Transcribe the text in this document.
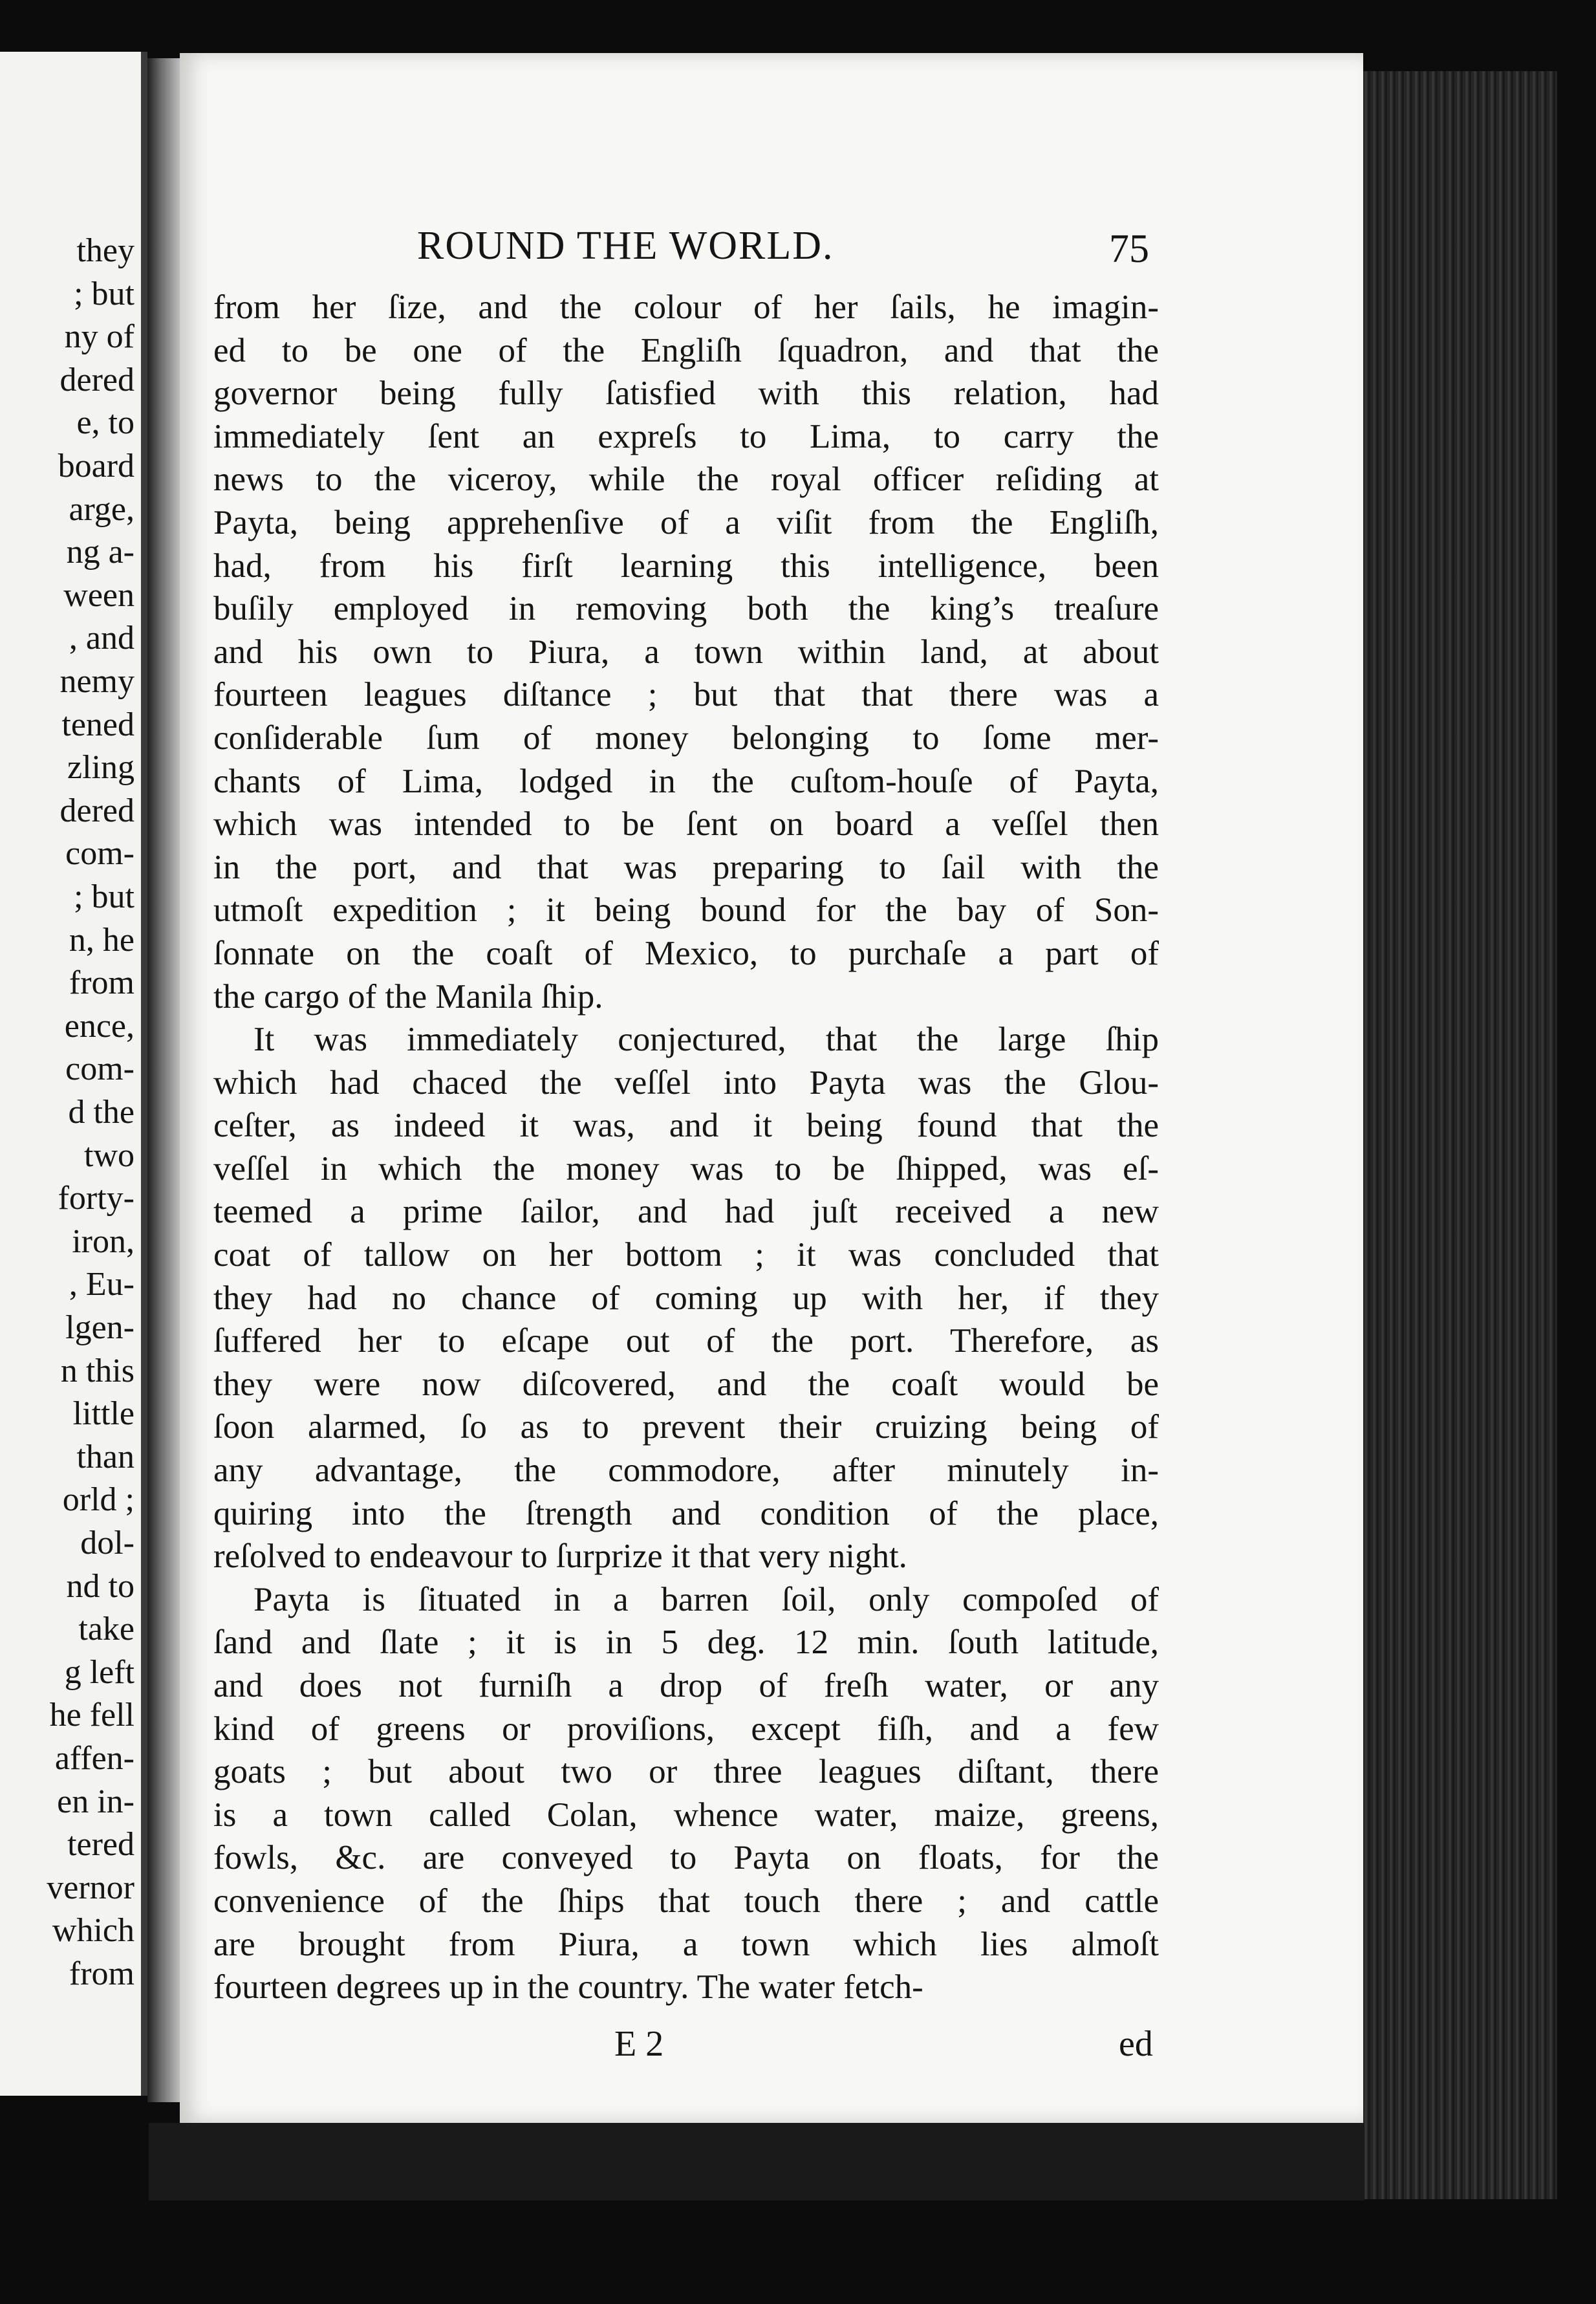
they
; but
ny of
dered
e, to
board
arge,
ng a-
ween
, and
nemy
tened
zling
dered
com-
; but
n, he
from
ence,
com-
d the
two
forty-
iron,
, Eu-
lgen-
n this
little
than
orld ;
dol-
nd to
take
g left
he fell
affen-
en in-
tered
vernor
which
from
ROUND THE WORLD.	75
from her ſize, and the colour of her ſails, he imagin-
ed to be one of the Engliſh ſquadron, and that the
governor being fully ſatisfied with this relation, had
immediately ſent an expreſs to Lima, to carry the
news to the viceroy, while the royal officer reſiding at
Payta, being apprehenſive of a viſit from the Engliſh,
had, from his firſt learning this intelligence, been
buſily employed in removing both the king’s treaſure
and his own to Piura, a town within land, at about
fourteen leagues diſtance ; but that that there was a
conſiderable ſum of money belonging to ſome mer-
chants of Lima, lodged in the cuſtom-houſe of Payta,
which was intended to be ſent on board a veſſel then
in the port, and that was preparing to ſail with the
utmoſt expedition ; it being bound for the bay of Son-
ſonnate on the coaſt of Mexico, to purchaſe a part of
the cargo of the Manila ſhip.
It was immediately conjectured, that the large ſhip
which had chaced the veſſel into Payta was the Glou-
ceſter, as indeed it was, and it being found that the
veſſel in which the money was to be ſhipped, was eſ-
teemed a prime ſailor, and had juſt received a new
coat of tallow on her bottom ; it was concluded that
they had no chance of coming up with her, if they
ſuffered her to eſcape out of the port. Therefore, as
they were now diſcovered, and the coaſt would be
ſoon alarmed, ſo as to prevent their cruizing being of
any advantage, the commodore, after minutely in-
quiring into the ſtrength and condition of the place,
reſolved to endeavour to ſurprize it that very night.
Payta is ſituated in a barren ſoil, only compoſed of
ſand and ſlate ; it is in 5 deg. 12 min. ſouth latitude,
and does not furniſh a drop of freſh water, or any
kind of greens or proviſions, except fiſh, and a few
goats ; but about two or three leagues diſtant, there
is a town called Colan, whence water, maize, greens,
fowls, &c. are conveyed to Payta on floats, for the
convenience of the ſhips that touch there ; and cattle
are brought from Piura, a town which lies almoſt
fourteen degrees up in the country. The water fetch-
E 2	ed
